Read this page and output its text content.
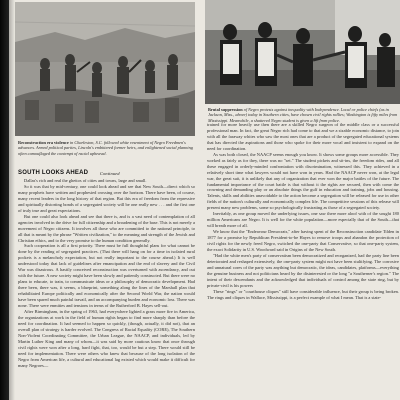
Reconstruction era violence in Charleston, S.C. followed white resentment of Negro Freedmen's advances. Armed political parties, Lincoln's embittered former heirs, and enlightened social planning often camouflaged the contempt of racial upheaval.
Brutal suppression of Negro protests against inequality with Independence. Local or police chiefs (as in Jackson, Miss., above) today in Southern cities, have chosen civil rights rallies; Washington is fifty miles from Mississippi. Meanwhile, a shattered Negro student is given a lift from police.
SOUTH LOOKS AHEAD	Continued

Dallas's rich and real the ghettos of cities and towns, large and small.

So it was that by mid-century, one could look ahead and see that New South—direct which so many prophets have written and prophesied crossing over the horizon. There have been, of course, many recent leaders in the long history of that region. But this era of freedom from the repressive and spiritually distorting bonds of a segregated society will be one really new . . . and the first one of truly true and great expectations.

But one could also look ahead and see that there is, and is a vast need of contemplation of all agencies involved in the drive for full citizenship and a broadening of the base. This is not merely a movement of Negro citizens. It involves all those who are committed to the national principle, to all that is meant by the phrase "Written civilization," to the meaning and strength of the Jewish and Christian ethics, and to the very promise to the human condition generally.

Such cooperation is all a first priority. There must be full thoughtful plans for what cannot be done by the reading of segregated practices. (That there will hang on for a time in isolated rural pockets is a melancholy expectation, but not really important to the course ahead.) It is well understood today that lack of guidelines after emancipation and the end of slavery and the Civil War was disastrous. A hastily conceived reconstruction was overturned with ascendancy, and out with the future. A new society might have been slowly and patiently constructed. But there were no plans to educate, to train, to communicate ideas or a philosophy of democratic development. Had there been, there was, it seems, a blueprint, something along the lines of the Marshall plan that rehabilitated Europe politically and economically after the Second World War, the nation would have been spared much painful travail, and an accompanying burden and economic loss. There was none. There were enmities and tensions in terms of the Rutherford B. Hayes sell-out.

After Birmingham, in the spring of 1963, had everywhere lighted a grass more fire in America, the organizations at work in the field of human rights began to find more sharply than before the need for coordination. It had seemed to happen so quickly, (though, actually, it did not), that an overall plan of strategy is harder evolved. The Congress of Racial Equality (CORE), The Southern Non-Violent Coordinating Committee, the Urban League, the NAACP, and individuals, led by Martin Luther King and many of whom—it was said by more cautious know that once through civil rights were won after a long, hard fight, that, too, would be but a step. There would still be need for implementation. There were others who knew that because of the long isolation of the Negro from American life, a cultural and educational lag existed which would make it difficult for many Negroes—

trained for more heavily use then there are a skilled Negro surgeon of the middle class or a successful professional man. In fact, the great Negro rich had come to that and we a sizable economic distance, to join with all the faraway whites who saw the most ones that are a product of the segregated educational systems that has directed the aspirations and those who spoke for their more vocal and insistent to expand on the need for coordination.

As was both closed, the NAACP seems enough you know. It shows some groups more accessible. They worked as fairly as for they, there was no "set." The student pickets and sit-ins, the freedom rides, and all these engaged in orderly-minded confrontation with discrimination, witnessed this. They achieved in a relatively short time what lawyers would not have won in years. Had the NAACP never won, at the legal war, the great suit, it is unlikely that any of organization that ever won the major battles of the future. The fundamental importance of the court battle is that without it the rights are secured, then with come the crowning and demanding play or an absolute things the gulf in education and training, jobs and housing. Talents, skills and abilities unavoidable to the action become a segregation will be released for use in other fields of the nation's culturally and economically complex life. The competitive sessions of this release will present many new problems, some so psychologically frustrating as those of a segregated society.

Inevitably, as one group moved the underlying issues, one saw there more aloof with of the sought 180 million Americans are Negro. It is well for the white population—more especially that of the South—that will breath more of all.

We know that the "Endeavour Democrats," after having spent of the Reconstruction candidate Tilden in 1877 for a promise by Republican President-to-be Hayes to remove troops and abandon the protection of civil rights for the newly freed Negro, switched the one-party that Conservative, so that one-party system, the exact Solidarity in U.S. Woodward said in Origins of the New South.

"Had the white men's party of conservatism been democratized and reorganized, had the party line been deteriorated and reshaped extensively, the one-party system might not have been stultifying. The corrosive and unnatural cores of the party was anything but democratic, the ideas, candidates, platforms—everything the genuine business and not politicians heard by the disinterested or the long "a Southerner's region." The intent of their descendants and the acknowledged that individuals of control among the state ring, but by private-civil is his powers

These "rings" or "courthouse cliques" still have considerable influence, but their group is being broken. The rings and cliques in Wallace, Mississippi, is a perfect example of what I mean. That is a state-
